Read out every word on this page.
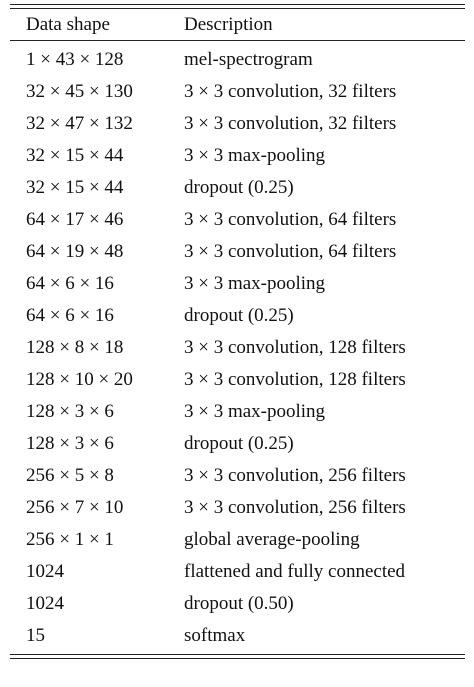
Data shape	Description
1 × 43 × 128	mel-spectrogram
32 × 45 × 130	3 × 3 convolution, 32 filters
32 × 47 × 132	3 × 3 convolution, 32 filters
32 × 15 × 44	3 × 3 max-pooling
32 × 15 × 44	dropout (0.25)
64 × 17 × 46	3 × 3 convolution, 64 filters
64 × 19 × 48	3 × 3 convolution, 64 filters
64 × 6 × 16	3 × 3 max-pooling
64 × 6 × 16	dropout (0.25)
128 × 8 × 18	3 × 3 convolution, 128 filters
128 × 10 × 20	3 × 3 convolution, 128 filters
128 × 3 × 6	3 × 3 max-pooling
128 × 3 × 6	dropout (0.25)
256 × 5 × 8	3 × 3 convolution, 256 filters
256 × 7 × 10	3 × 3 convolution, 256 filters
256 × 1 × 1	global average-pooling
1024	flattened and fully connected
1024	dropout (0.50)
15	softmax
